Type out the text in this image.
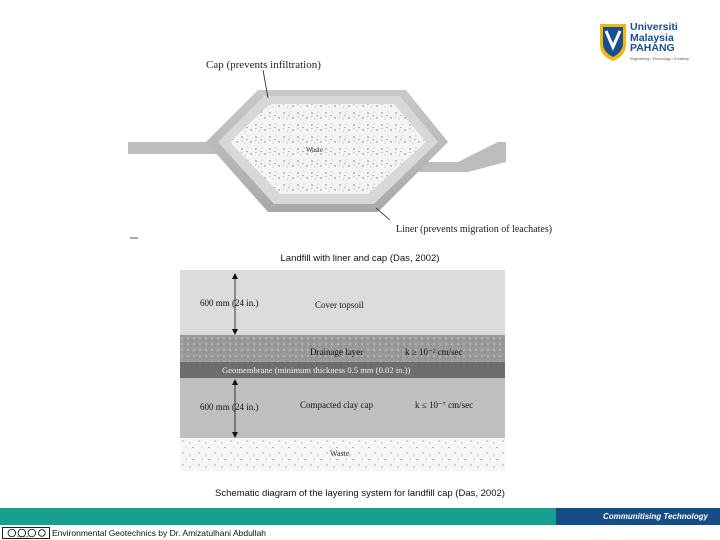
Universiti
Malaysia
PAHANG
Engineering • Technology • Creativity
Cap (prevents infiltration)
Waste
Liner (prevents migration of leachates)
Landfill with liner and cap (Das, 2002)
600 mm (24 in.)	Cover topsoil
Drainage layer	k ≥ 10⁻² cm/sec
Geomembrane (minimum thickness 0.5 mm (0.02 in.))
600 mm (24 in.)	Compacted clay cap	k ≤ 10⁻⁷ cm/sec
Waste
Schematic diagram of the layering system for landfill cap (Das, 2002)
Communitising Technology
cc by nc sa	Environmental Geotechnics by Dr. Amizatulhani Abdullah
